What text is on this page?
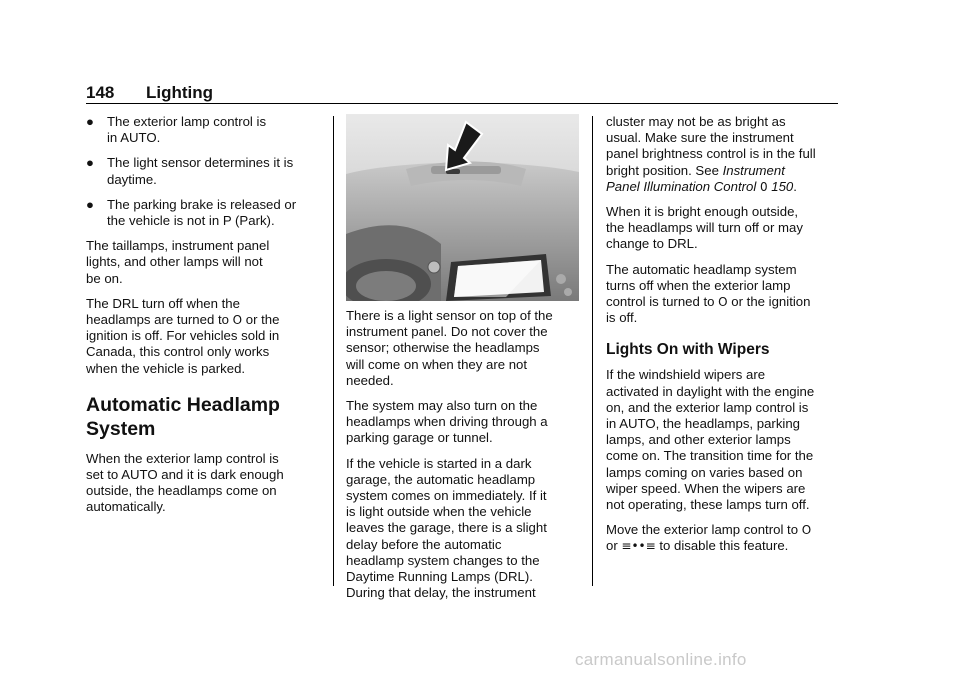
148 Lighting
● The exterior lamp control is
in AUTO.
● The light sensor determines it is
daytime.
● The parking brake is released or
the vehicle is not in P (Park).

The taillamps, instrument panel
lights, and other lamps will not
be on.

The DRL turn off when the
headlamps are turned to O or the
ignition is off. For vehicles sold in
Canada, this control only works
when the vehicle is parked.

Automatic Headlamp
System

When the exterior lamp control is
set to AUTO and it is dark enough
outside, the headlamps come on
automatically.

There is a light sensor on top of the
instrument panel. Do not cover the
sensor; otherwise the headlamps
will come on when they are not
needed.

The system may also turn on the
headlamps when driving through a
parking garage or tunnel.

If the vehicle is started in a dark
garage, the automatic headlamp
system comes on immediately. If it
is light outside when the vehicle
leaves the garage, there is a slight
delay before the automatic
headlamp system changes to the
Daytime Running Lamps (DRL).
During that delay, the instrument

cluster may not be as bright as
usual. Make sure the instrument
panel brightness control is in the full
bright position. See Instrument
Panel Illumination Control 0 150.

When it is bright enough outside,
the headlamps will turn off or may
change to DRL.

The automatic headlamp system
turns off when the exterior lamp
control is turned to O or the ignition
is off.

Lights On with Wipers

If the windshield wipers are
activated in daylight with the engine
on, and the exterior lamp control is
in AUTO, the headlamps, parking
lamps, and other exterior lamps
come on. The transition time for the
lamps coming on varies based on
wiper speed. When the wipers are
not operating, these lamps turn off.

Move the exterior lamp control to O
or ≡••≡ to disable this feature.

carmanualsonline.info
